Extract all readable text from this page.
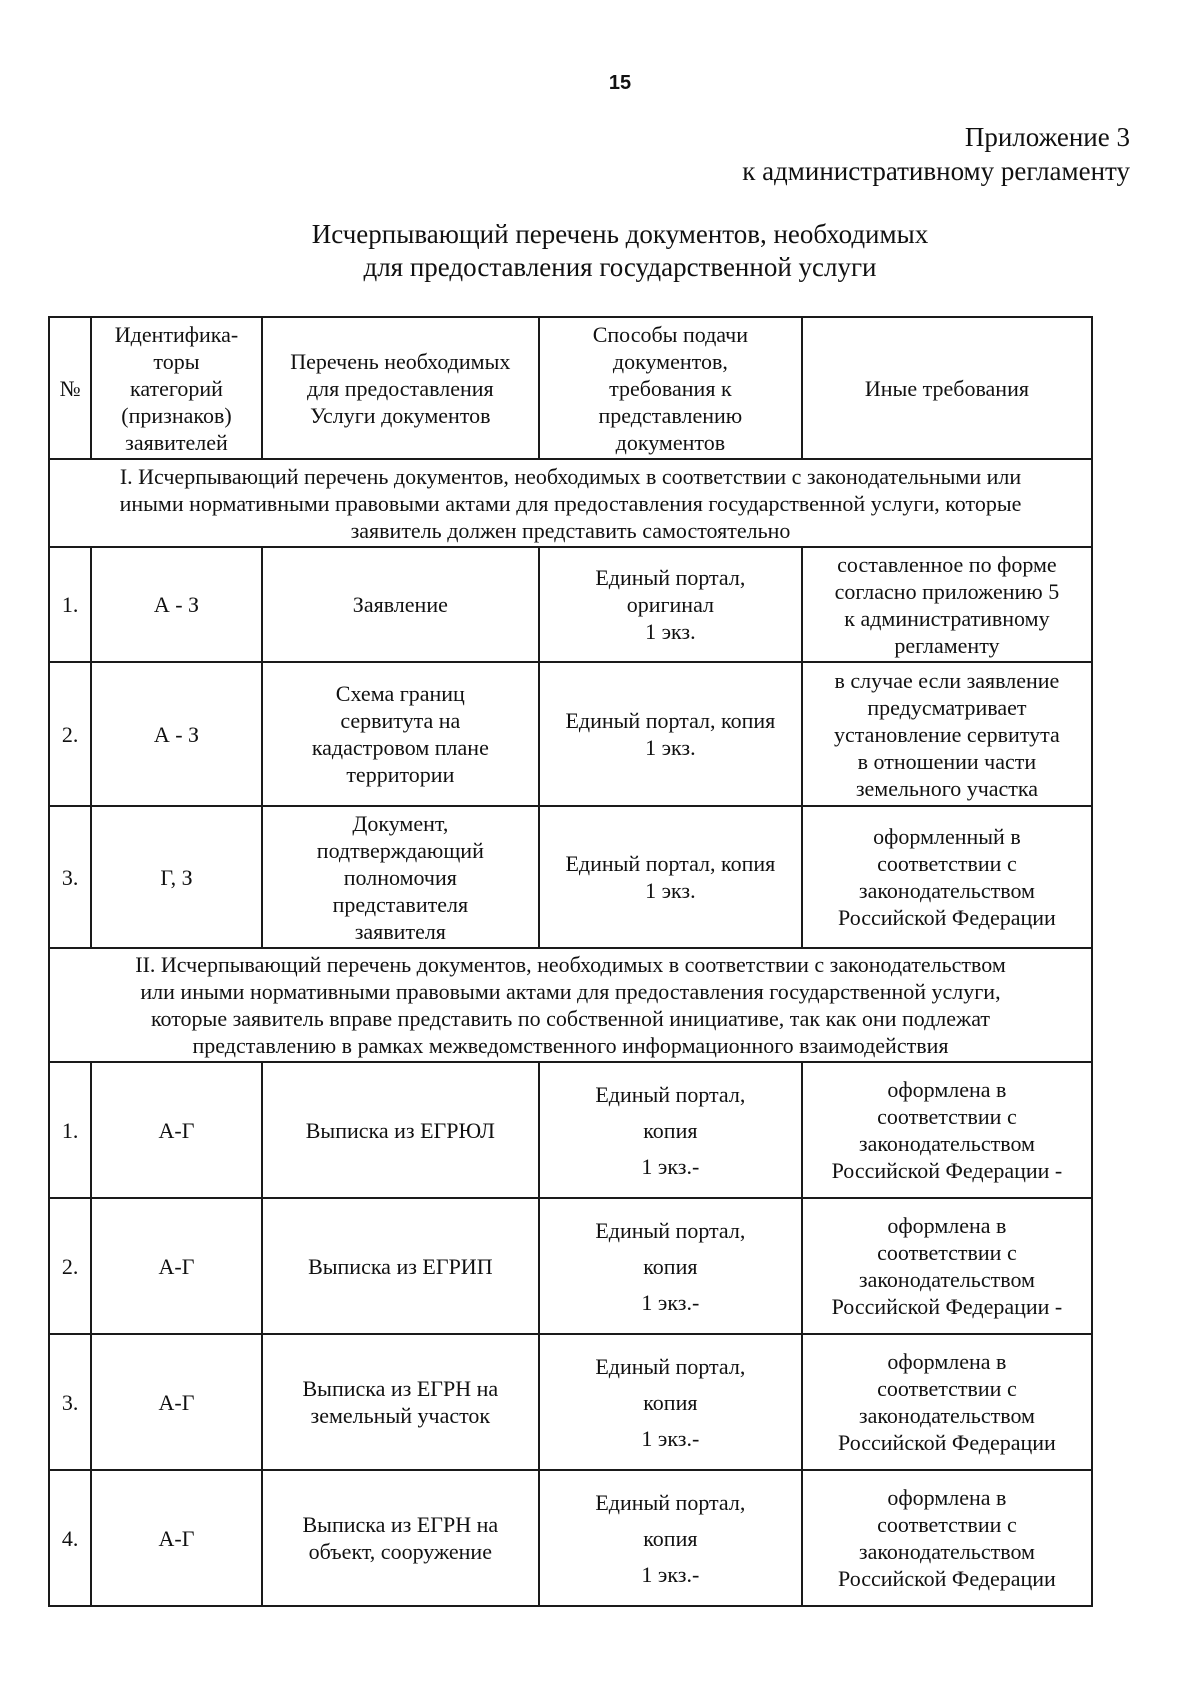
15
Приложение 3
к административному регламенту
Исчерпывающий перечень документов, необходимых
для предоставления государственной услуги
№	Идентифика-
торы
категорий
(признаков)
заявителей	Перечень необходимых
для предоставления
Услуги документов	Способы подачи
документов,
требования к
представлению
документов	Иные требования

I. Исчерпывающий перечень документов, необходимых в соответствии с законодательными или
иными нормативными правовыми актами для предоставления государственной услуги, которые
заявитель должен представить самостоятельно				

1.	А - З	Заявление	Единый портал,
оригинал
1 экз.	составленное по форме
согласно приложению 5
к административному
регламенту

2.	А - З	Схема границ
сервитута на
кадастровом плане
территории	Единый портал, копия
1 экз.	в случае если заявление
предусматривает
установление сервитута
в отношении части
земельного участка

3.	Г, З	Документ,
подтверждающий
полномочия
представителя
заявителя	Единый портал, копия
1 экз.	оформленный в
соответствии с
законодательством
Российской Федерации

II. Исчерпывающий перечень документов, необходимых в соответствии с законодательством
или иными нормативными правовыми актами для предоставления государственной услуги,
которые заявитель вправе представить по собственной инициативе, так как они подлежат
представлению в рамках межведомственного информационного взаимодействия				

1.	А-Г	Выписка из ЕГРЮЛ	Единый портал,
копия
1 экз.-	оформлена в
соответствии с
законодательством
Российской Федерации -

2.	А-Г	Выписка из ЕГРИП	Единый портал,
копия
1 экз.-	оформлена в
соответствии с
законодательством
Российской Федерации -

3.	А-Г	Выписка из ЕГРН на
земельный участок	Единый портал,
копия
1 экз.-	оформлена в
соответствии с
законодательством
Российской Федерации

4.	А-Г	Выписка из ЕГРН на
объект, сооружение	Единый портал,
копия
1 экз.-	оформлена в
соответствии с
законодательством
Российской Федерации
